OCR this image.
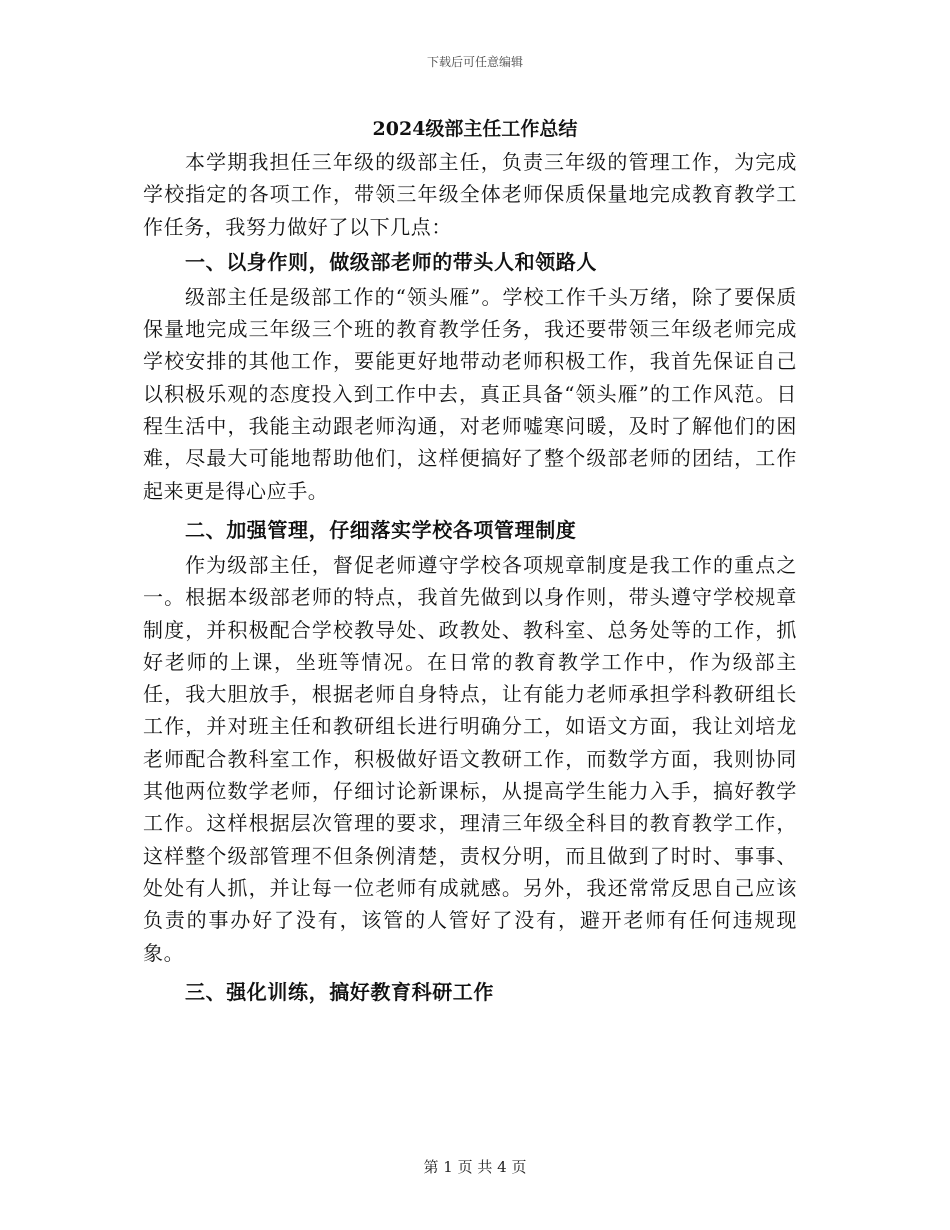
下载后可任意编辑
2024级部主任工作总结

本学期我担任三年级的级部主任，负责三年级的管理工作，为完成学校指定的各项工作，带领三年级全体老师保质保量地完成教育教学工作任务，我努力做好了以下几点：

一、以身作则，做级部老师的带头人和领路人

级部主任是级部工作的“领头雁”。学校工作千头万绪，除了要保质保量地完成三年级三个班的教育教学任务，我还要带领三年级老师完成学校安排的其他工作，要能更好地带动老师积极工作，我首先保证自己以积极乐观的态度投入到工作中去，真正具备“领头雁”的工作风范。日程生活中，我能主动跟老师沟通，对老师嘘寒问暖，及时了解他们的困难，尽最大可能地帮助他们，这样便搞好了整个级部老师的团结，工作起来更是得心应手。

二、加强管理，仔细落实学校各项管理制度

作为级部主任，督促老师遵守学校各项规章制度是我工作的重点之一。根据本级部老师的特点，我首先做到以身作则，带头遵守学校规章制度，并积极配合学校教导处、政教处、教科室、总务处等的工作，抓好老师的上课，坐班等情况。在日常的教育教学工作中，作为级部主任，我大胆放手，根据老师自身特点，让有能力老师承担学科教研组长工作，并对班主任和教研组长进行明确分工，如语文方面，我让刘培龙老师配合教科室工作，积极做好语文教研工作，而数学方面，我则协同其他两位数学老师，仔细讨论新课标，从提高学生能力入手，搞好教学工作。这样根据层次管理的要求，理清三年级全科目的教育教学工作，这样整个级部管理不但条例清楚，责权分明，而且做到了时时、事事、处处有人抓，并让每一位老师有成就感。另外，我还常常反思自己应该负责的事办好了没有，该管的人管好了没有，避开老师有任何违规现象。

三、强化训练，搞好教育科研工作
第 1 页 共 4 页
